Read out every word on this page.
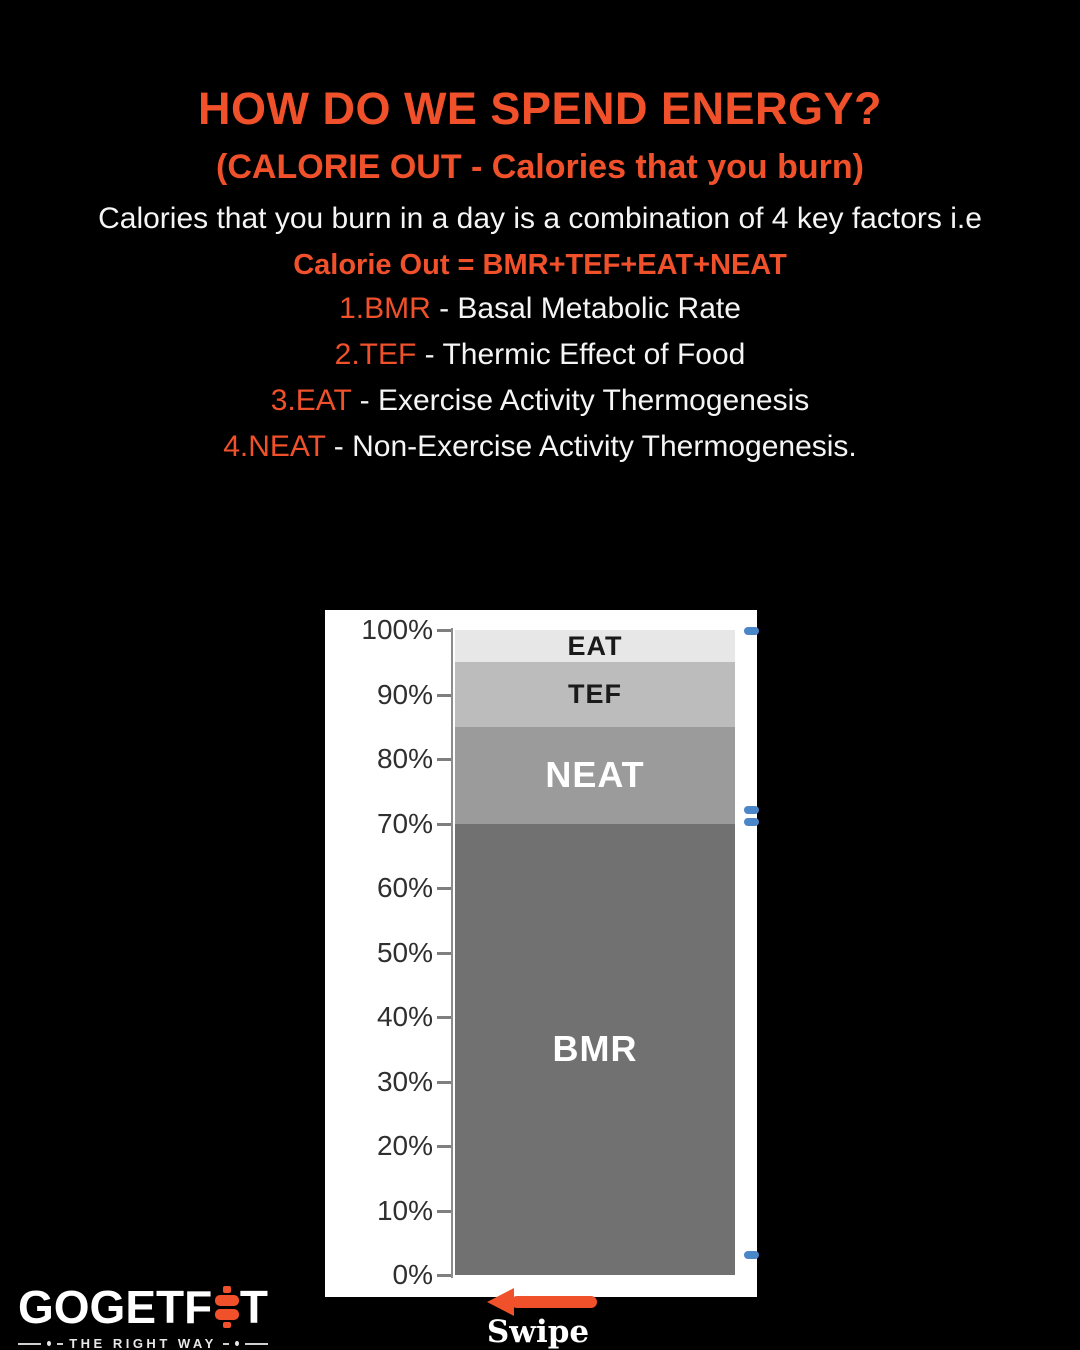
HOW DO WE SPEND ENERGY?
(CALORIE OUT - Calories that you burn)
Calories that you burn in a day is a combination of 4 key factors i.e
Calorie Out = BMR+TEF+EAT+NEAT
1.BMR - Basal Metabolic Rate
2.TEF - Thermic Effect of Food
3.EAT - Exercise Activity Thermogenesis
4.NEAT - Non-Exercise Activity Thermogenesis.
100%
90%
80%
70%
60%
50%
40%
30%
20%
10%
0%
EAT
TEF
NEAT
BMR
GOGETF T
THE RIGHT WAY	Swipe
